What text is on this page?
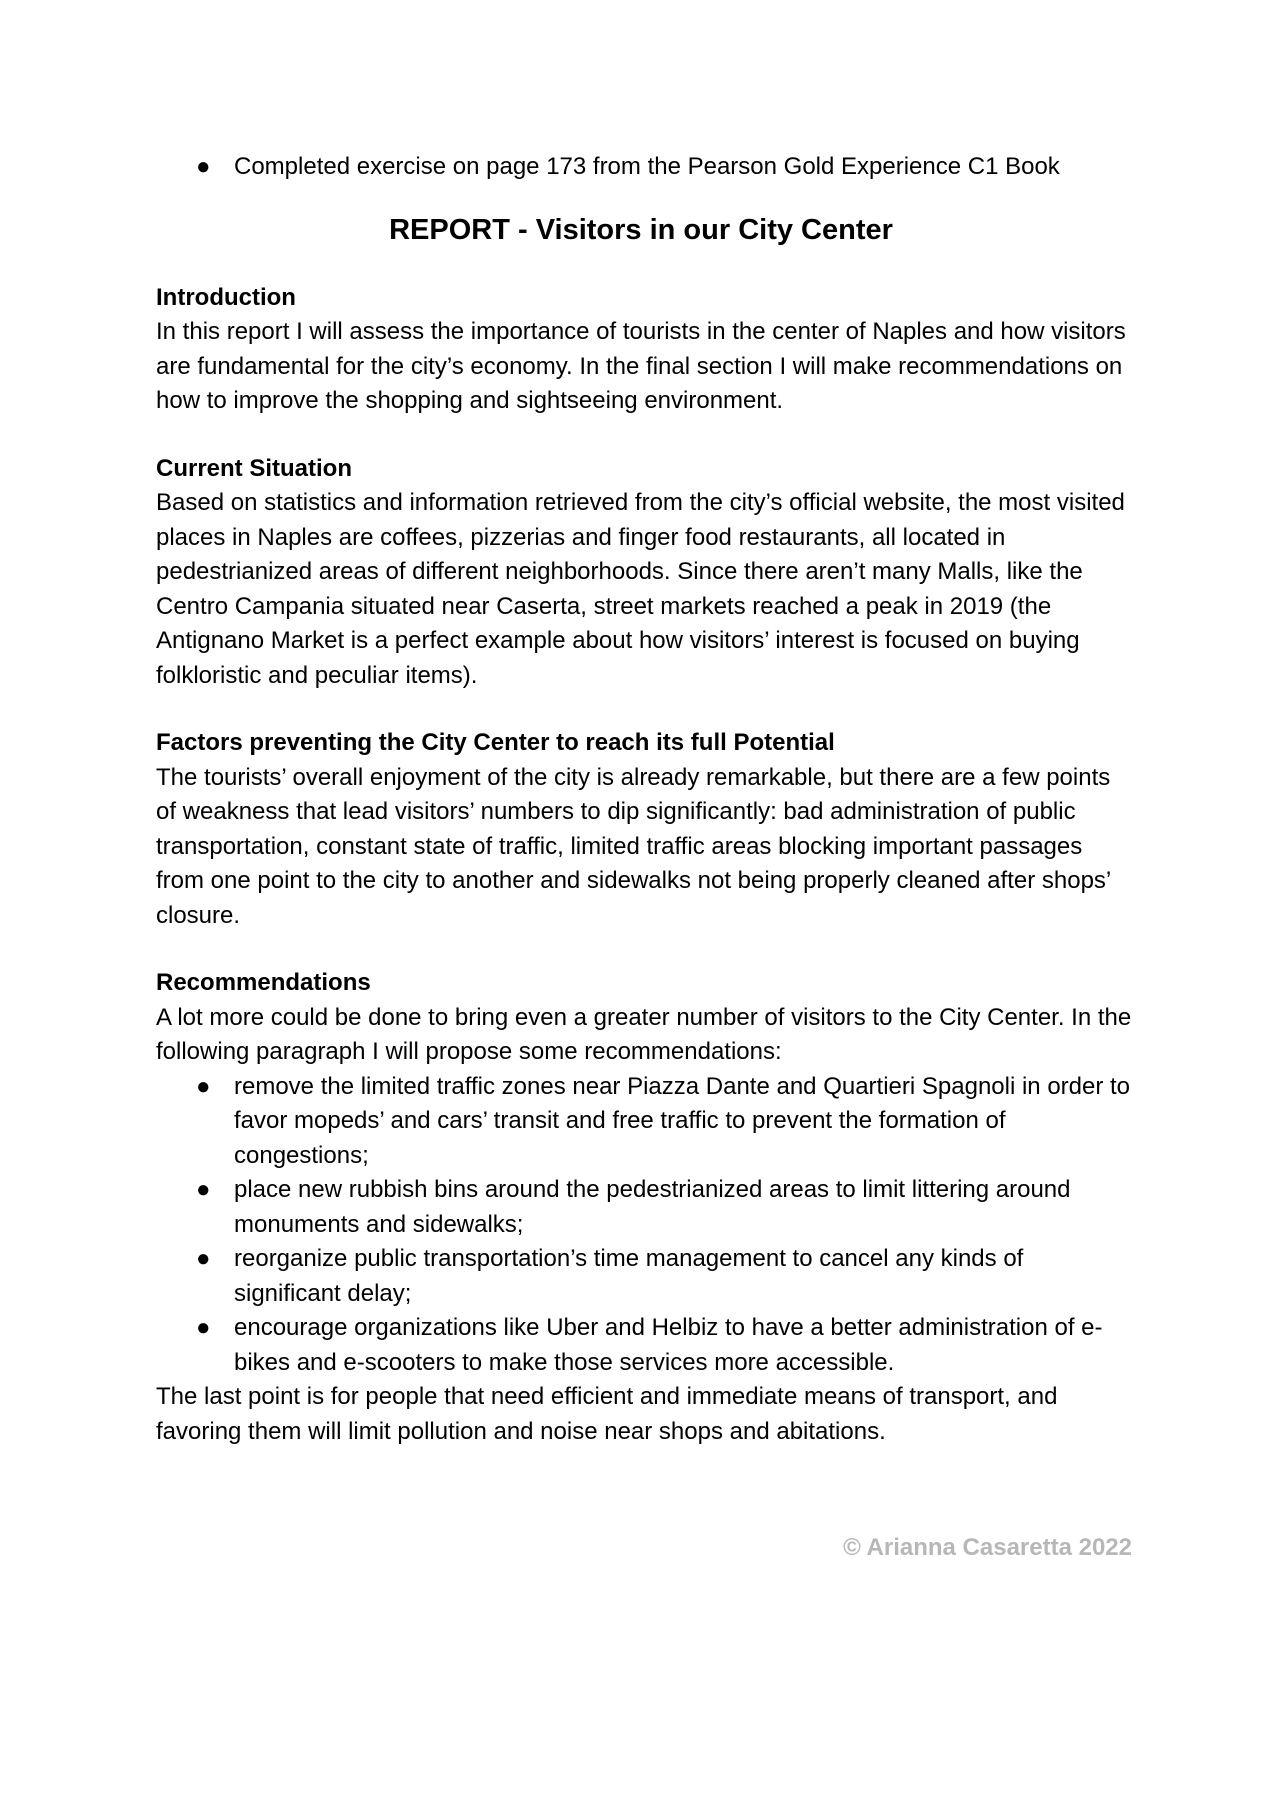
● Completed exercise on page 173 from the Pearson Gold Experience C1 Book
REPORT - Visitors in our City Center

Introduction

In this report I will assess the importance of tourists in the center of Naples and how visitors are fundamental for the city’s economy. In the final section I will make recommendations on how to improve the shopping and sightseeing environment.

Current Situation

Based on statistics and information retrieved from the city’s official website, the most visited places in Naples are coffees, pizzerias and finger food restaurants, all located in pedestrianized areas of different neighborhoods. Since there aren’t many Malls, like the Centro Campania situated near Caserta, street markets reached a peak in 2019 (the Antignano Market is a perfect example about how visitors’ interest is focused on buying folkloristic and peculiar items).

Factors preventing the City Center to reach its full Potential

The tourists’ overall enjoyment of the city is already remarkable, but there are a few points of weakness that lead visitors’ numbers to dip significantly: bad administration of public transportation, constant state of traffic, limited traffic areas blocking important passages from one point to the city to another and sidewalks not being properly cleaned after shops’ closure.

Recommendations

A lot more could be done to bring even a greater number of visitors to the City Center. In the following paragraph I will propose some recommendations:

● remove the limited traffic zones near Piazza Dante and Quartieri Spagnoli in order to favor mopeds’ and cars’ transit and free traffic to prevent the formation of congestions;
● place new rubbish bins around the pedestrianized areas to limit littering around monuments and sidewalks;
● reorganize public transportation’s time management to cancel any kinds of significant delay;
● encourage organizations like Uber and Helbiz to have a better administration of e-bikes and e-scooters to make those services more accessible.

The last point is for people that need efficient and immediate means of transport, and favoring them will limit pollution and noise near shops and abitations.

© Arianna Casaretta 2022
